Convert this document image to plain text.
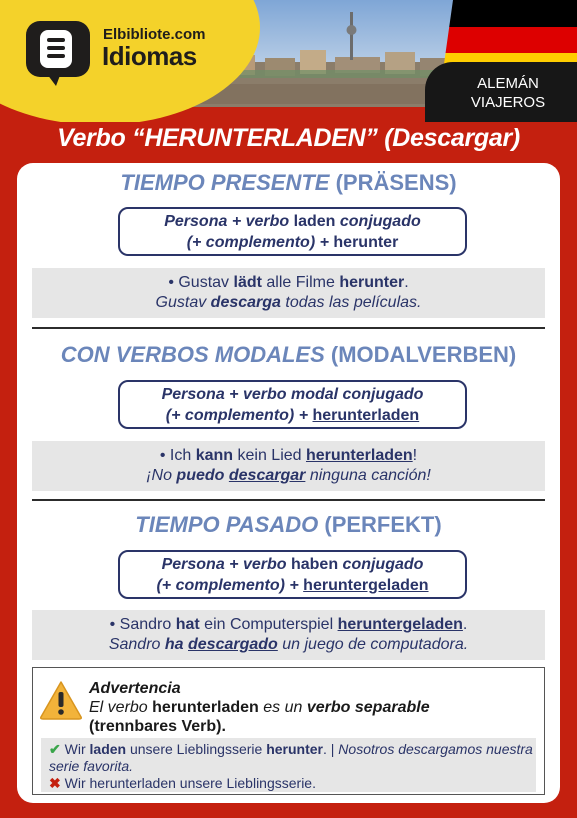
Elbibliote.com
Idiomas
ALEMÁN
VIAJEROS
Verbo “HERUNTERLADEN” (Descargar)
TIEMPO PRESENTE (PRÄSENS)
Persona + verbo laden conjugado
(+ complemento) + herunter
• Gustav lädt alle Filme herunter.
Gustav descarga todas las películas.
CON VERBOS MODALES (MODALVERBEN)
Persona + verbo modal conjugado
(+ complemento) + herunterladen
• Ich kann kein Lied herunterladen!
¡No puedo descargar ninguna canción!
TIEMPO PASADO (PERFEKT)
Persona + verbo haben conjugado
(+ complemento) + heruntergeladen
• Sandro hat ein Computerspiel heruntergeladen.
Sandro ha descargado un juego de computadora.
Advertencia
El verbo herunterladen es un verbo separable
(trennbares Verb).
✔ Wir laden unsere Lieblingsserie herunter. | Nosotros descargamos nuestra serie favorita.
✖ Wir herunterladen unsere Lieblingsserie.
